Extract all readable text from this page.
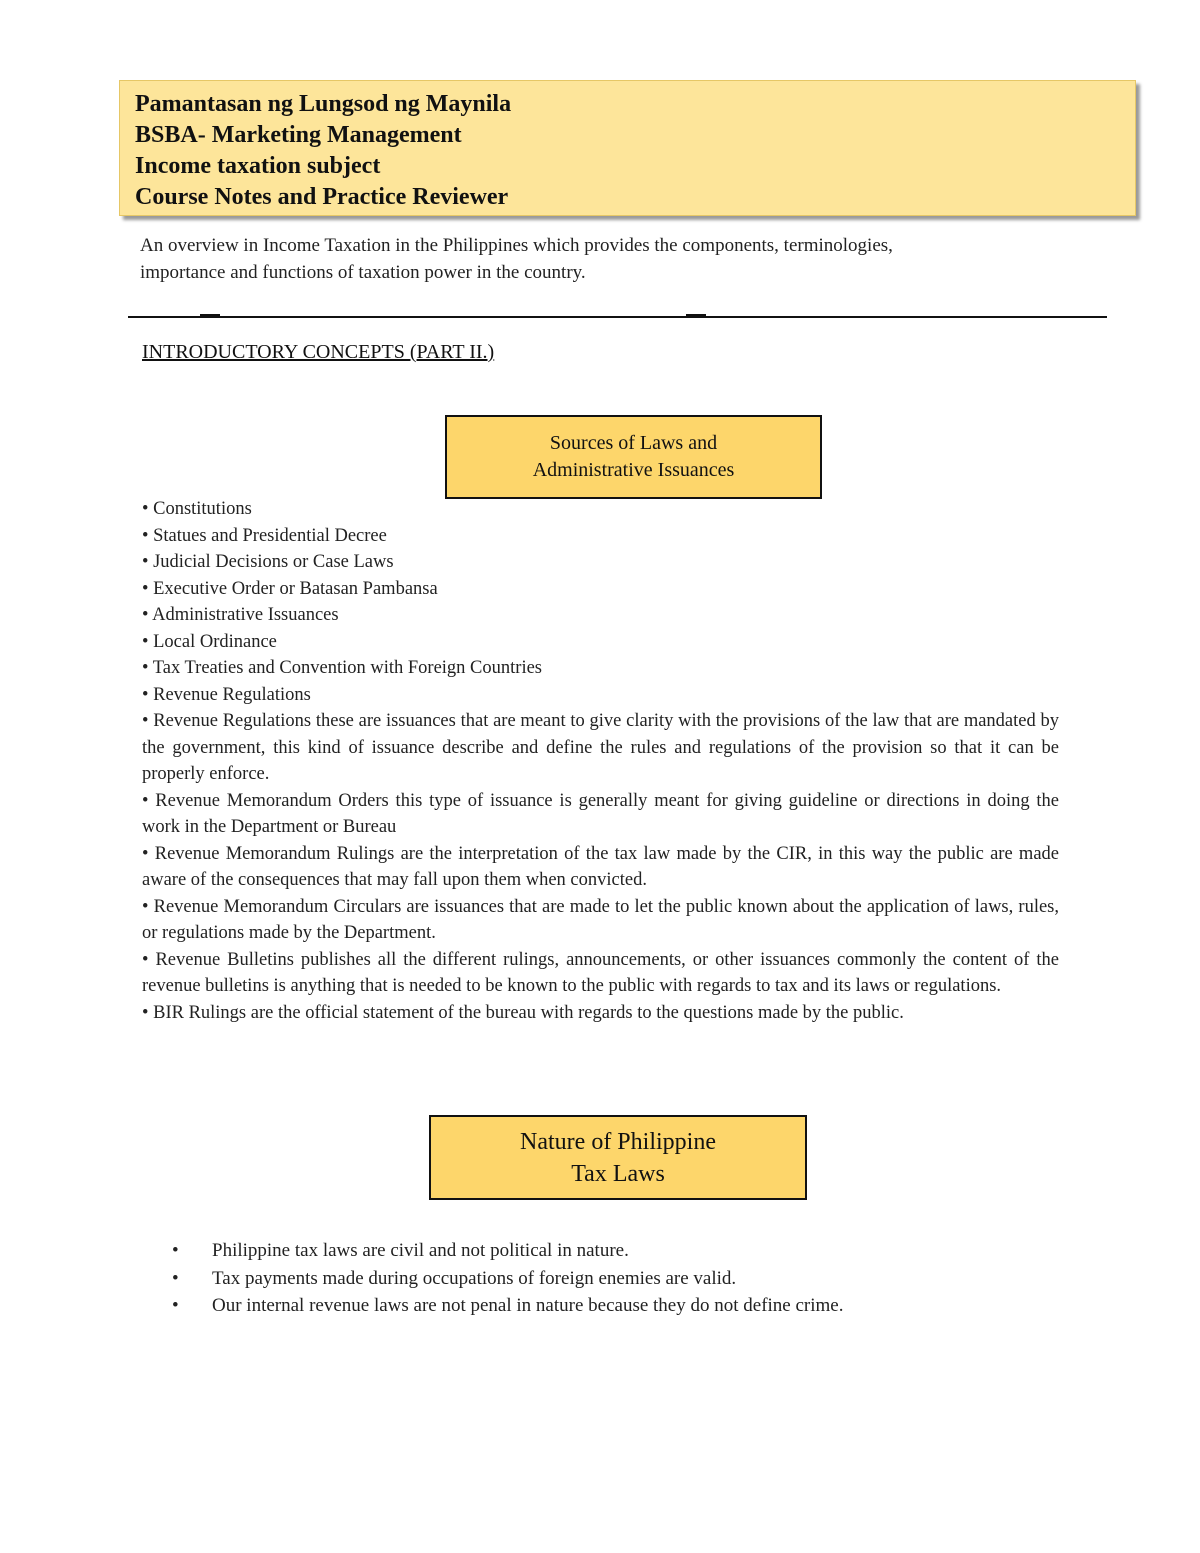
Pamantasan ng Lungsod ng Maynila
BSBA- Marketing Management
Income taxation subject
Course Notes and Practice Reviewer
An overview in Income Taxation in the Philippines which provides the components, terminologies,
importance and functions of taxation power in the country.
INTRODUCTORY CONCEPTS (PART II.)
Sources of Laws and
Administrative Issuances
• Constitutions
• Statues and Presidential Decree
• Judicial Decisions or Case Laws
• Executive Order or Batasan Pambansa
• Administrative Issuances
• Local Ordinance
• Tax Treaties and Convention with Foreign Countries
• Revenue Regulations
• Revenue Regulations these are issuances that are meant to give clarity with the provisions of the law that are mandated by the government, this kind of issuance describe and define the rules and regulations of the provision so that it can be properly enforce.
• Revenue Memorandum Orders this type of issuance is generally meant for giving guideline or directions in doing the work in the Department or Bureau
• Revenue Memorandum Rulings are the interpretation of the tax law made by the CIR, in this way the public are made aware of the consequences that may fall upon them when convicted.
• Revenue Memorandum Circulars are issuances that are made to let the public known about the application of laws, rules, or regulations made by the Department.
• Revenue Bulletins publishes all the different rulings, announcements, or other issuances commonly the content of the revenue bulletins is anything that is needed to be known to the public with regards to tax and its laws or regulations.
• BIR Rulings are the official statement of the bureau with regards to the questions made by the public.
Nature of Philippine
Tax Laws
• Philippine tax laws are civil and not political in nature.
• Tax payments made during occupations of foreign enemies are valid.
• Our internal revenue laws are not penal in nature because they do not define crime.
